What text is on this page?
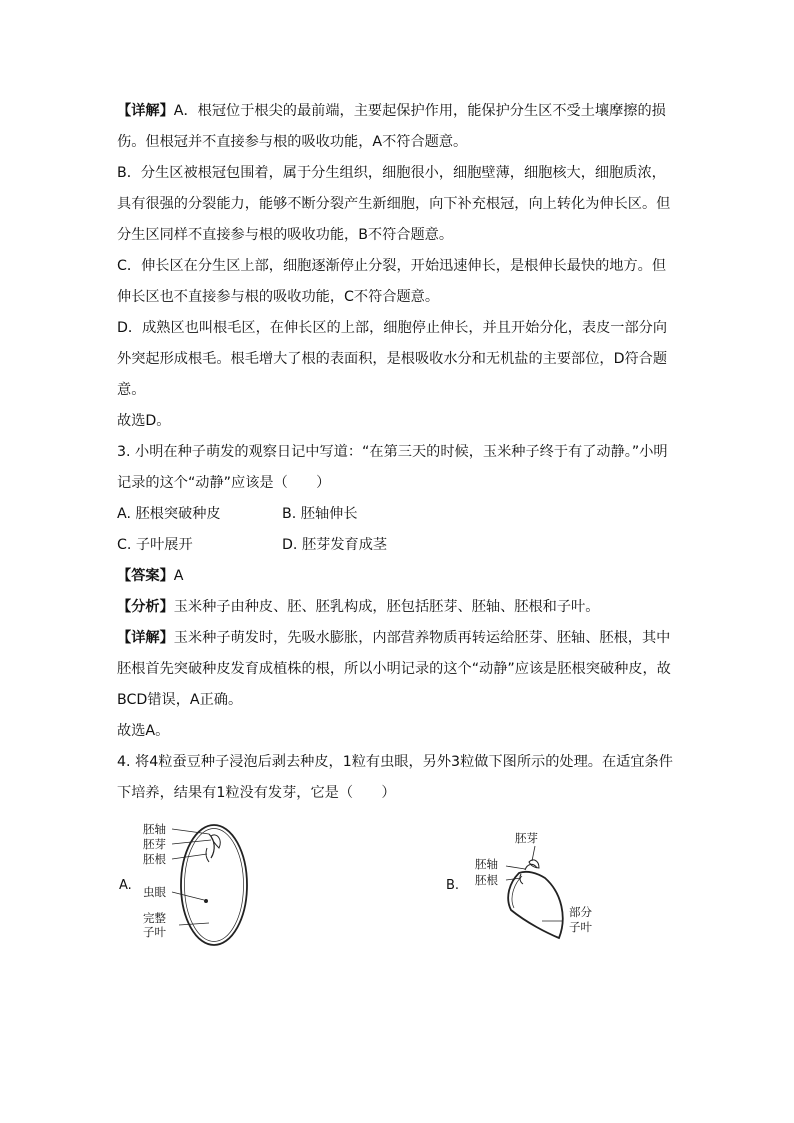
【详解】A．根冠位于根尖的最前端，主要起保护作用，能保护分生区不受土壤摩擦的损伤。但根冠并不直接参与根的吸收功能，A不符合题意。

B．分生区被根冠包围着，属于分生组织，细胞很小，细胞壁薄，细胞核大，细胞质浓，具有很强的分裂能力，能够不断分裂产生新细胞，向下补充根冠，向上转化为伸长区。但分生区同样不直接参与根的吸收功能，B不符合题意。

C．伸长区在分生区上部，细胞逐渐停止分裂，开始迅速伸长，是根伸长最快的地方。但伸长区也不直接参与根的吸收功能，C不符合题意。

D．成熟区也叫根毛区，在伸长区的上部，细胞停止伸长，并且开始分化，表皮一部分向外突起形成根毛。根毛增大了根的表面积，是根吸收水分和无机盐的主要部位，D符合题意。

故选D。

3. 小明在种子萌发的观察日记中写道：“在第三天的时候，玉米种子终于有了动静。”小明记录的这个“动静”应该是（　　）

A. 胚根突破种皮	B. 胚轴伸长
C. 子叶展开	D. 胚芽发育成茎

【答案】A

【分析】玉米种子由种皮、胚、胚乳构成，胚包括胚芽、胚轴、胚根和子叶。

【详解】玉米种子萌发时，先吸水膨胀，内部营养物质再转运给胚芽、胚轴、胚根，其中胚根首先突破种皮发育成植株的根，所以小明记录的这个“动静”应该是胚根突破种皮，故BCD错误，A正确。

故选A。

4. 将4粒蚕豆种子浸泡后剥去种皮，1粒有虫眼，另外3粒做下图所示的处理。在适宜条件下培养，结果有1粒没有发芽，它是（　　）

A.	B.
胚轴
胚芽
胚根
虫眼
完整
子叶
胚芽
胚轴
胚根
部分
子叶
